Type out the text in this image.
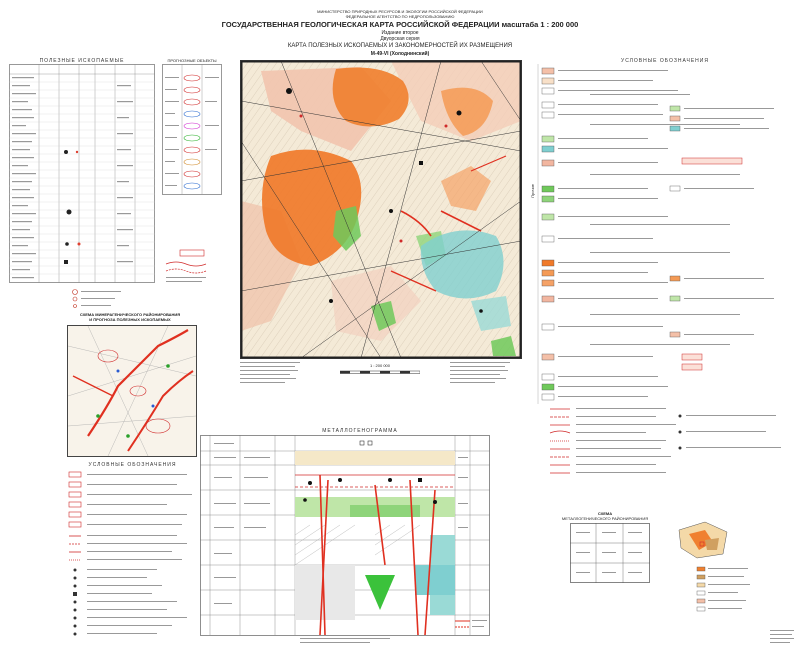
МИНИСТЕРСТВО ПРИРОДНЫХ РЕСУРСОВ И ЭКОЛОГИИ РОССИЙСКОЙ ФЕДЕРАЦИИ
ФЕДЕРАЛЬНОЕ АГЕНТСТВО ПО НЕДРОПОЛЬЗОВАНИЮ
ГОСУДАРСТВЕННАЯ ГЕОЛОГИЧЕСКАЯ КАРТА РОССИЙСКОЙ ФЕДЕРАЦИИ масштаба 1 : 200 000
Издание второе
Двуорская серия
КАРТА ПОЛЕЗНЫХ ИСКОПАЕМЫХ И ЗАКОНОМЕРНОСТЕЙ ИХ РАЗМЕЩЕНИЯ
M-49-VI (Холоднинский)
ПОЛЕЗНЫЕ ИСКОПАЕМЫЕ	ПРОГНОЗНЫЕ ОБЪЕКТЫ
1 : 200 000
СХЕМА МИНЕРАГЕНИЧЕСКОГО РАЙОНИРОВАНИЯ
И ПРОГНОЗА ПОЛЕЗНЫХ ИСКОПАЕМЫХ
УСЛОВНЫЕ ОБОЗНАЧЕНИЯ
МЕТАЛЛОГЕНОГРАММА
УСЛОВНЫЕ ОБОЗНАЧЕНИЯ
Прочие
СХЕМА
МЕТАЛЛОГЕНИЧЕСКОГО РАЙОНИРОВАНИЯ
